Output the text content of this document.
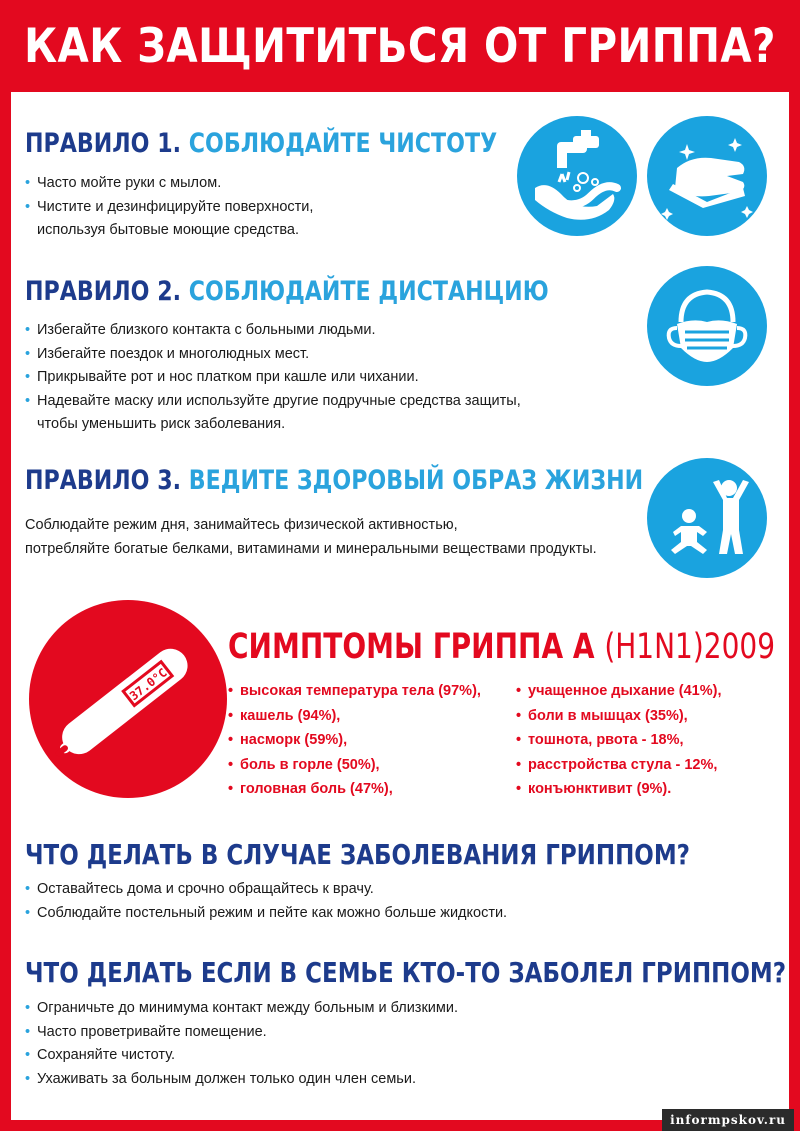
КАК ЗАЩИТИТЬСЯ ОТ ГРИППА?
ПРАВИЛО 1. СОБЛЮДАЙТЕ ЧИСТОТУ
• Часто мойте руки с мылом.
• Чистите и дезинфицируйте поверхности,
используя бытовые моющие средства.
ПРАВИЛО 2. СОБЛЮДАЙТЕ ДИСТАНЦИЮ
• Избегайте близкого контакта с больными людьми.
• Избегайте поездок и многолюдных мест.
• Прикрывайте рот и нос платком при кашле или чихании.
• Надевайте маску или используйте другие подручные средства защиты,
чтобы уменьшить риск заболевания.
ПРАВИЛО 3. ВЕДИТЕ ЗДОРОВЫЙ ОБРАЗ ЖИЗНИ
Соблюдайте режим дня, занимайтесь физической активностью,
потребляйте богатые белками, витаминами и минеральными веществами продукты.
37.0°C
СИМПТОМЫ ГРИППА А (H1N1)2009
• высокая температура тела (97%),
• кашель (94%),
• насморк (59%),
• боль в горле (50%),
• головная боль (47%),
• учащенное дыхание (41%),
• боли в мышцах (35%),
• тошнота, рвота - 18%,
• расстройства стула - 12%,
• конъюнктивит (9%).
ЧТО ДЕЛАТЬ В СЛУЧАЕ ЗАБОЛЕВАНИЯ ГРИППОМ?
• Оставайтесь дома и срочно обращайтесь к врачу.
• Соблюдайте постельный режим и пейте как можно больше жидкости.
ЧТО ДЕЛАТЬ ЕСЛИ В СЕМЬЕ КТО-ТО ЗАБОЛЕЛ ГРИППОМ?
• Ограничьте до минимума контакт между больным и близкими.
• Часто проветривайте помещение.
• Сохраняйте чистоту.
• Ухаживать за больным должен только один член семьи.
informpskov.ru
